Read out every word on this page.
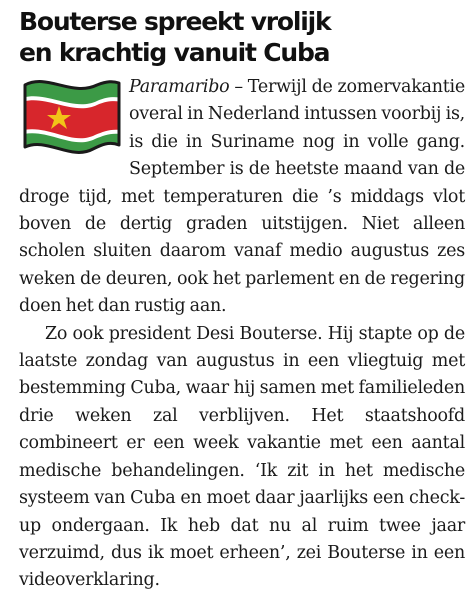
Bouterse spreekt vrolijk
en krachtig vanuit Cuba

Paramaribo – Terwijl de zomervakantie overal in Nederland intussen voorbij is, is die in Suriname nog in volle gang. September is de heetste maand van de droge tijd, met temperaturen die ’s middags vlot boven de dertig graden uitstijgen. Niet alleen scholen sluiten daarom vanaf medio augustus zes weken de deuren, ook het parlement en de regering doen het dan rustig aan.

Zo ook president Desi Bouterse. Hij stapte op de laatste zondag van augustus in een vliegtuig met bestemming Cuba, waar hij samen met familieleden drie weken zal verblijven. Het staatshoofd combineert er een week vakantie met een aantal medische behandelingen. ‘Ik zit in het medische systeem van Cuba en moet daar jaarlijks een check-up ondergaan. Ik heb dat nu al ruim twee jaar verzuimd, dus ik moet erheen’, zei Bouterse in een videoverklaring.
